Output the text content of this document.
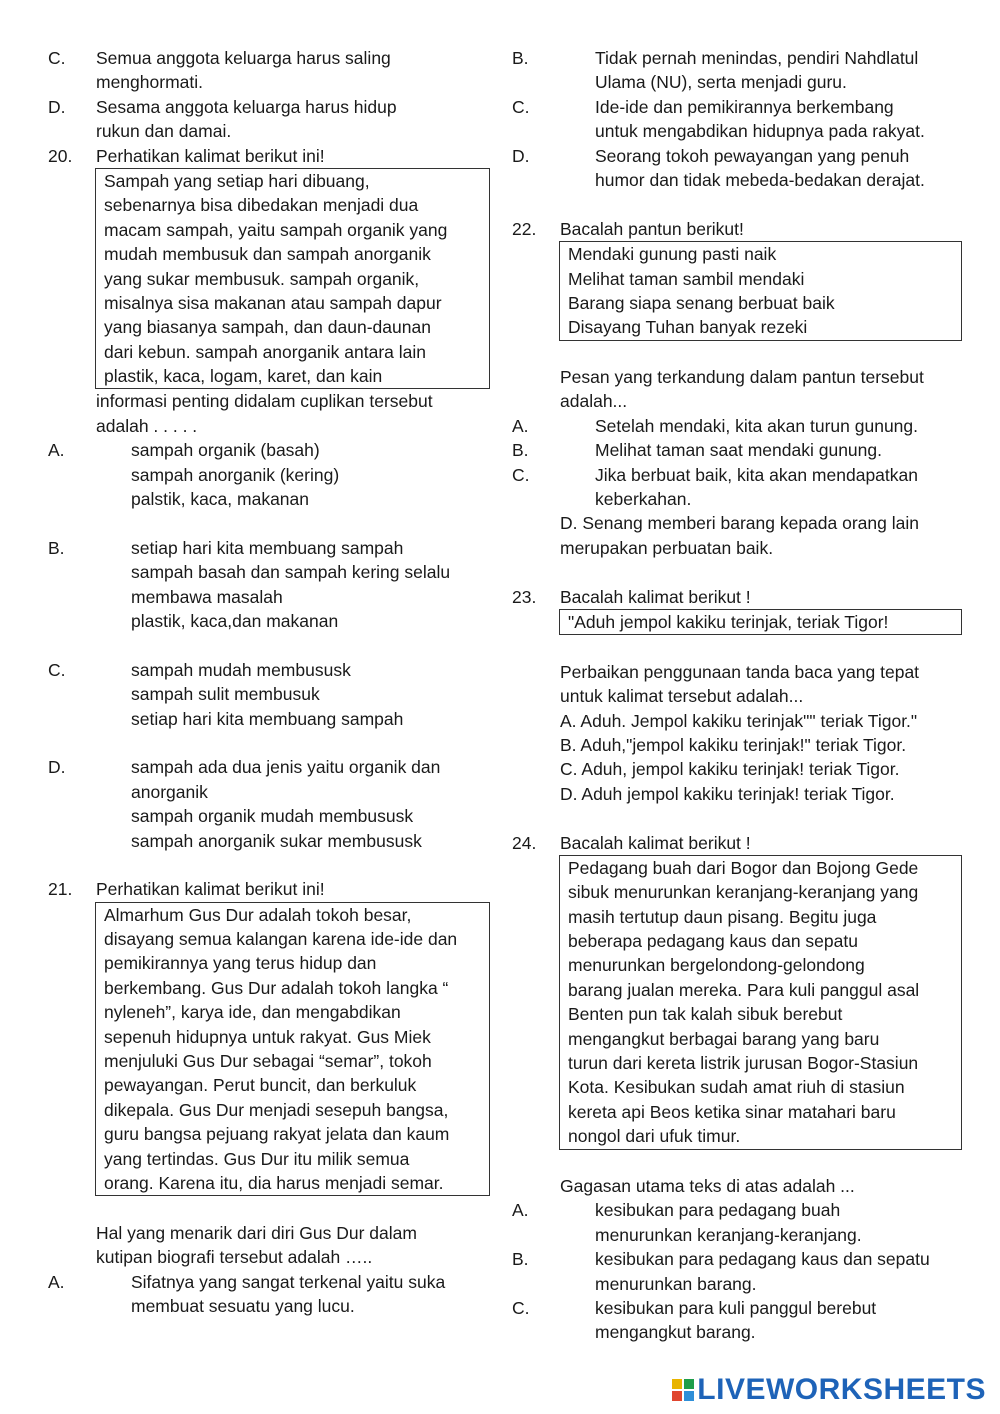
C. Semua anggota keluarga harus saling
menghormati.
D. Sesama anggota keluarga harus hidup
rukun dan damai.
20. Perhatikan kalimat berikut ini!
Sampah yang setiap hari dibuang,
sebenarnya bisa dibedakan menjadi dua
macam sampah, yaitu sampah organik yang
mudah membusuk dan sampah anorganik
yang sukar membusuk. sampah organik,
misalnya sisa makanan atau sampah dapur
yang biasanya sampah, dan daun-daunan
dari kebun. sampah anorganik antara lain
plastik, kaca, logam, karet, dan kain
informasi penting didalam cuplikan tersebut
adalah . . . . .
A.	sampah organik (basah)
sampah anorganik (kering)
palstik, kaca, makanan
B.	setiap hari kita membuang sampah
sampah basah dan sampah kering selalu
membawa masalah
plastik, kaca,dan makanan
C.	sampah mudah membususk
sampah sulit membusuk
setiap hari kita membuang sampah
D.	sampah ada dua jenis yaitu organik dan
anorganik
sampah organik mudah membususk
sampah anorganik sukar membususk
21. Perhatikan kalimat berikut ini!
Almarhum Gus Dur adalah tokoh besar,
disayang semua kalangan karena ide-ide dan
pemikirannya yang terus hidup dan
berkembang. Gus Dur adalah tokoh langka “
nyleneh”, karya ide, dan mengabdikan
sepenuh hidupnya untuk rakyat. Gus Miek
menjuluki Gus Dur sebagai “semar”, tokoh
pewayangan. Perut buncit, dan berkuluk
dikepala. Gus Dur menjadi sesepuh bangsa,
guru bangsa pejuang rakyat jelata dan kaum
yang tertindas. Gus Dur itu milik semua
orang. Karena itu, dia harus menjadi semar.
Hal yang menarik dari diri Gus Dur dalam
kutipan biografi tersebut adalah …..
A.	Sifatnya yang sangat terkenal yaitu suka
membuat sesuatu yang lucu.
B.	Tidak pernah menindas, pendiri Nahdlatul
Ulama (NU), serta menjadi guru.
C.	Ide-ide dan pemikirannya berkembang
untuk mengabdikan hidupnya pada rakyat.
D.	Seorang tokoh pewayangan yang penuh
humor dan tidak mebeda-bedakan derajat.
22. Bacalah pantun berikut!
Mendaki gunung pasti naik
Melihat taman sambil mendaki
Barang siapa senang berbuat baik
Disayang Tuhan banyak rezeki
Pesan yang terkandung dalam pantun tersebut
adalah...
A.	Setelah mendaki, kita akan turun gunung.
B.	Melihat taman saat mendaki gunung.
C.	Jika berbuat baik, kita akan mendapatkan
keberkahan.
D. Senang memberi barang kepada orang lain
merupakan perbuatan baik.
23. Bacalah kalimat berikut !
"Aduh jempol kakiku terinjak, teriak Tigor!
Perbaikan penggunaan tanda baca yang tepat
untuk kalimat tersebut adalah...
A. Aduh. Jempol kakiku terinjak"" teriak Tigor."
B. Aduh,"jempol kakiku terinjak!" teriak Tigor.
C. Aduh, jempol kakiku terinjak! teriak Tigor.
D. Aduh jempol kakiku terinjak! teriak Tigor.
24. Bacalah kalimat berikut !
Pedagang buah dari Bogor dan Bojong Gede
sibuk menurunkan keranjang-keranjang yang
masih tertutup daun pisang. Begitu juga
beberapa pedagang kaus dan sepatu
menurunkan bergelondong-gelondong
barang jualan mereka. Para kuli panggul asal
Benten pun tak kalah sibuk berebut
mengangkut berbagai barang yang baru
turun dari kereta listrik jurusan Bogor-Stasiun
Kota. Kesibukan sudah amat riuh di stasiun
kereta api Beos ketika sinar matahari baru
nongol dari ufuk timur.
Gagasan utama teks di atas adalah ...
A.	kesibukan para pedagang buah
menurunkan keranjang-keranjang.
B.	kesibukan para pedagang kaus dan sepatu
menurunkan barang.
C.	kesibukan para kuli panggul berebut
mengangkut barang.
LIVEWORKSHEETS
